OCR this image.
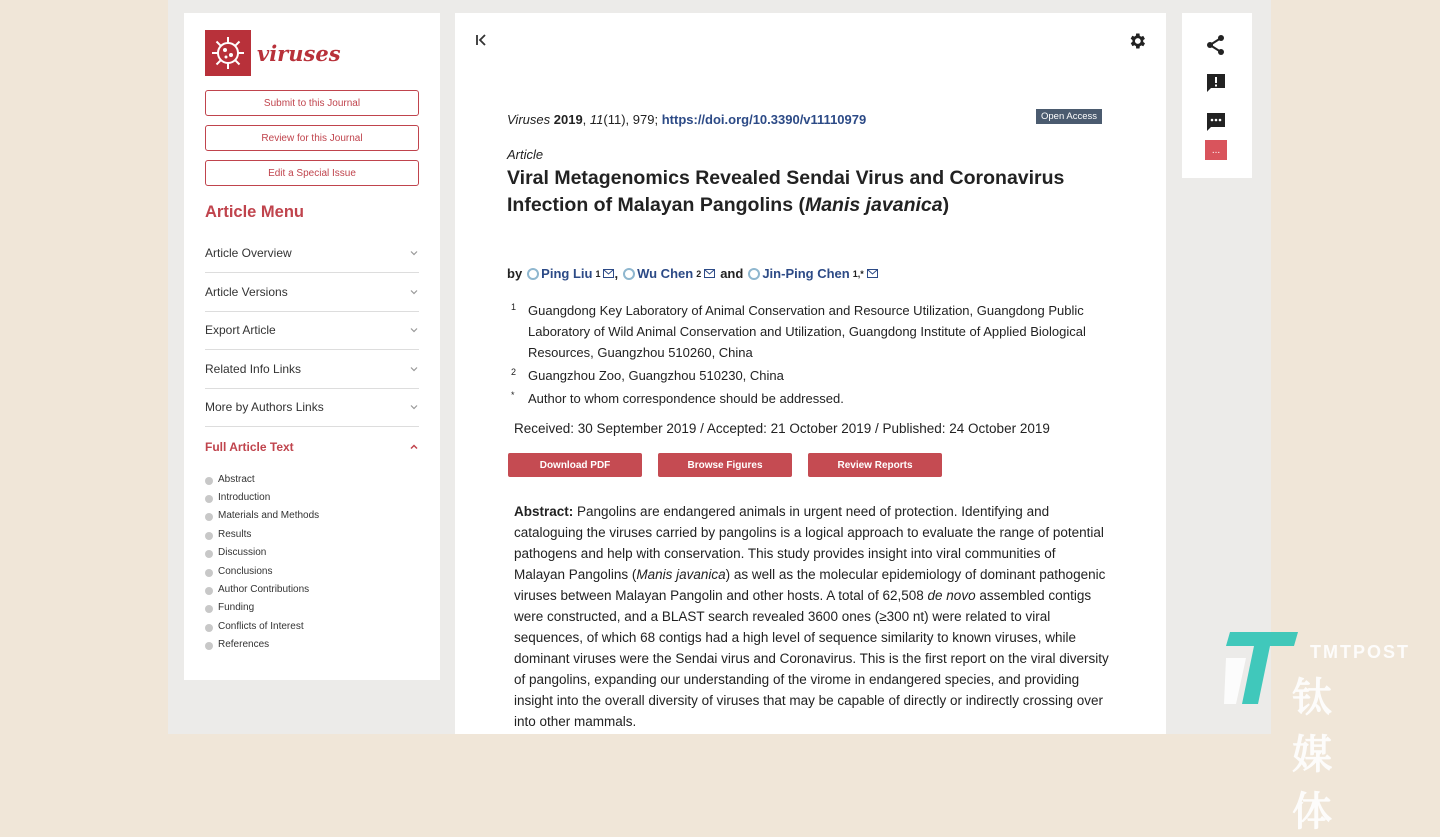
viruses
Submit to this Journal
Review for this Journal
Edit a Special Issue
Article Menu
Article Overview
Article Versions
Export Article
Related Info Links
More by Authors Links
Full Article Text
Abstract
Introduction
Materials and Methods
Results
Discussion
Conclusions
Author Contributions
Funding
Conflicts of Interest
References
Viruses 2019, 11(11), 979; https://doi.org/10.3390/v11110979	Open Access
Article
Viral Metagenomics Revealed Sendai Virus and Coronavirus Infection of Malayan Pangolins (Manis javanica)
by Ping Liu 1 , Wu Chen 2 and Jin-Ping Chen 1,*
1 Guangdong Key Laboratory of Animal Conservation and Resource Utilization, Guangdong Public Laboratory of Wild Animal Conservation and Utilization, Guangdong Institute of Applied Biological Resources, Guangzhou 510260, China
2 Guangzhou Zoo, Guangzhou 510230, China
*	Author to whom correspondence should be addressed.
Received: 30 September 2019 / Accepted: 21 October 2019 / Published: 24 October 2019
Download PDF	Browse Figures	Review Reports

Abstract: Pangolins are endangered animals in urgent need of protection. Identifying and cataloguing the viruses carried by pangolins is a logical approach to evaluate the range of potential pathogens and help with conservation. This study provides insight into viral communities of Malayan Pangolins (Manis javanica) as well as the molecular epidemiology of dominant pathogenic viruses between Malayan Pangolin and other hosts. A total of 62,508 de novo assembled contigs were constructed, and a BLAST search revealed 3600 ones (≥300 nt) were related to viral sequences, of which 68 contigs had a high level of sequence similarity to known viruses, while dominant viruses were the Sendai virus and Coronavirus. This is the first report on the viral diversity of pangolins, expanding our understanding of the virome in endangered species, and providing insight into the overall diversity of viruses that may be capable of directly or indirectly crossing over into other mammals.

...
TMTPOST
钛媒体
